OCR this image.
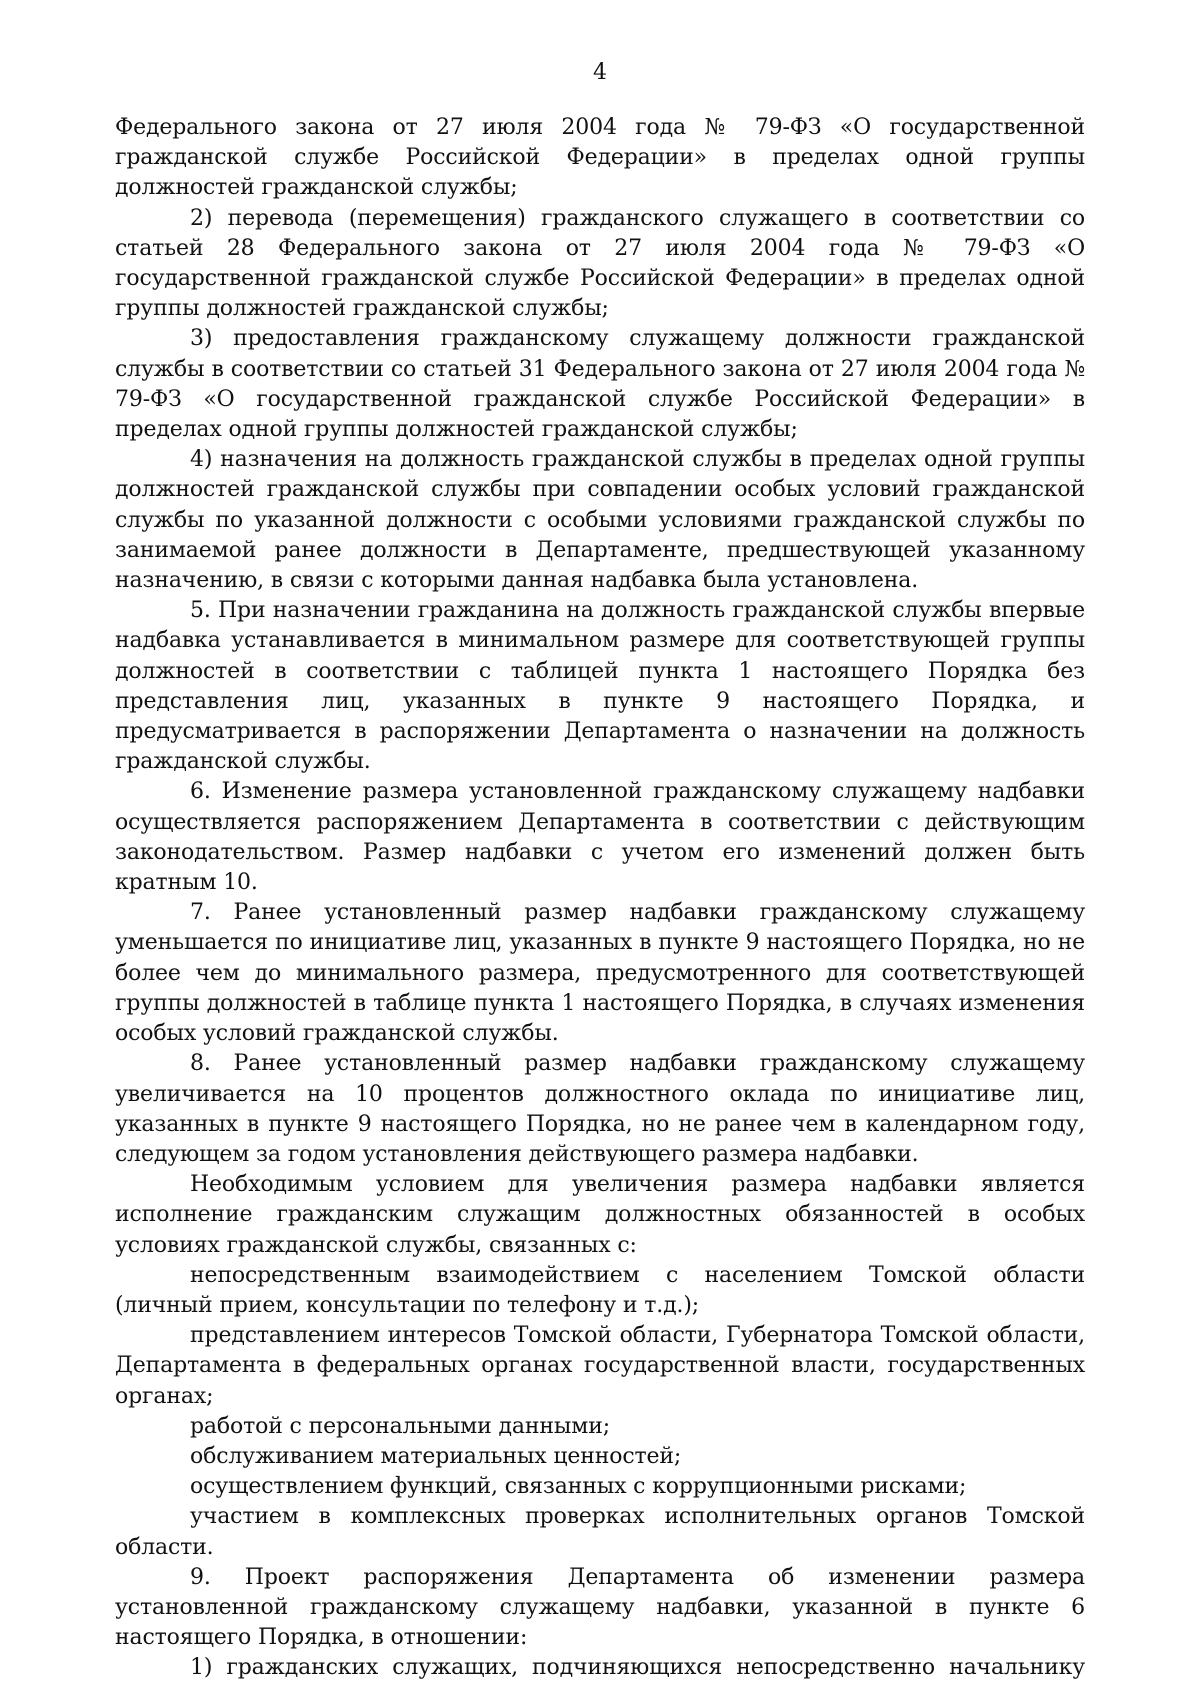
4

Федерального закона от 27 июля 2004 года № 79-ФЗ «О государственной гражданской службе Российской Федерации» в пределах одной группы должностей гражданской службы;

2) перевода (перемещения) гражданского служащего в соответствии со статьей 28 Федерального закона от 27 июля 2004 года № 79-ФЗ «О государственной гражданской службе Российской Федерации» в пределах одной группы должностей гражданской службы;

3) предоставления гражданскому служащему должности гражданской службы в соответствии со статьей 31 Федерального закона от 27 июля 2004 года № 79-ФЗ «О государственной гражданской службе Российской Федерации» в пределах одной группы должностей гражданской службы;

4) назначения на должность гражданской службы в пределах одной группы должностей гражданской службы при совпадении особых условий гражданской службы по указанной должности с особыми условиями гражданской службы по занимаемой ранее должности в Департаменте, предшествующей указанному назначению, в связи с которыми данная надбавка была установлена.

5. При назначении гражданина на должность гражданской службы впервые надбавка устанавливается в минимальном размере для соответствующей группы должностей в соответствии с таблицей пункта 1 настоящего Порядка без представления лиц, указанных в пункте 9 настоящего Порядка, и предусматривается в распоряжении Департамента о назначении на должность гражданской службы.

6. Изменение размера установленной гражданскому служащему надбавки осуществляется распоряжением Департамента в соответствии с действующим законодательством. Размер надбавки с учетом его изменений должен быть кратным 10.

7. Ранее установленный размер надбавки гражданскому служащему уменьшается по инициативе лиц, указанных в пункте 9 настоящего Порядка, но не более чем до минимального размера, предусмотренного для соответствующей группы должностей в таблице пункта 1 настоящего Порядка, в случаях изменения особых условий гражданской службы.

8. Ранее установленный размер надбавки гражданскому служащему увеличивается на 10 процентов должностного оклада по инициативе лиц, указанных в пункте 9 настоящего Порядка, но не ранее чем в календарном году, следующем за годом установления действующего размера надбавки.

Необходимым условием для увеличения размера надбавки является исполнение гражданским служащим должностных обязанностей в особых условиях гражданской службы, связанных с:

непосредственным взаимодействием с населением Томской области (личный прием, консультации по телефону и т.д.);

представлением интересов Томской области, Губернатора Томской области, Департамента в федеральных органах государственной власти, государственных органах;

работой с персональными данными;

обслуживанием материальных ценностей;

осуществлением функций, связанных с коррупционными рисками;

участием в комплексных проверках исполнительных органов Томской области.

9. Проект распоряжения Департамента об изменении размера установленной гражданскому служащему надбавки, указанной в пункте 6 настоящего Порядка, в отношении:

1) гражданских служащих, подчиняющихся непосредственно начальнику
